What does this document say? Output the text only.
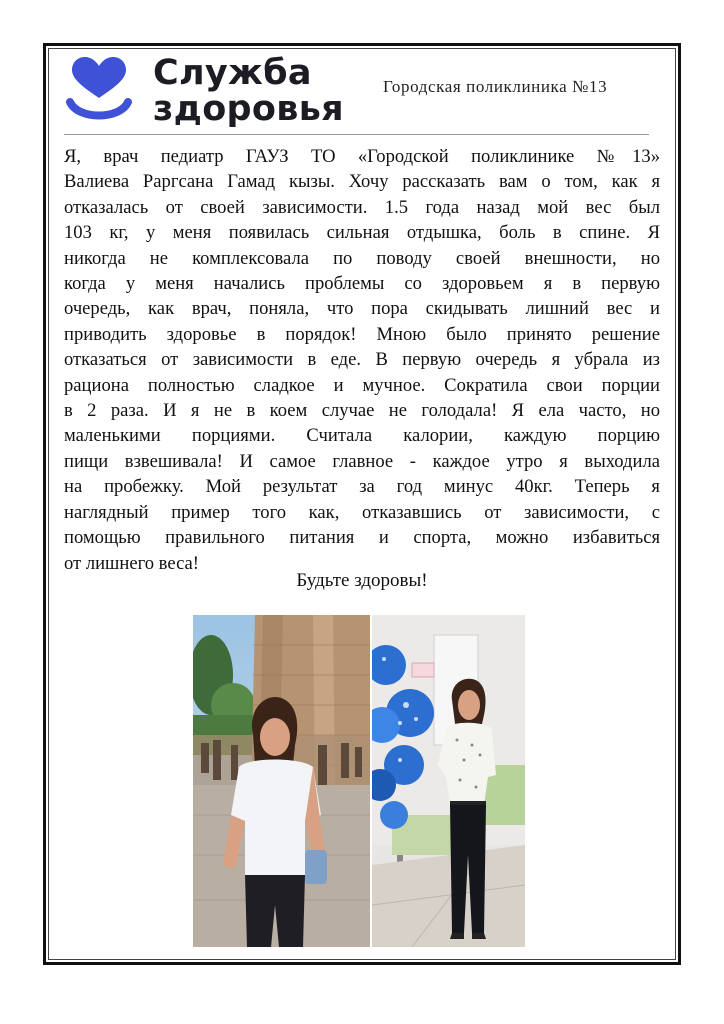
Служба
здоровья
Городская поликлиника №13
Я, врач педиатр ГАУЗ ТО «Городской поликлинике №13»
Валиева Раргсана Гамад кызы. Хочу рассказать вам о том, как я
отказалась от своей зависимости. 1.5 года назад мой вес был
103 кг, у меня появилась сильная отдышка, боль в спине. Я
никогда не комплексовала по поводу своей внешности, но
когда у меня начались проблемы со здоровьем я в первую
очередь, как врач, поняла, что пора скидывать лишний вес и
приводить здоровье в порядок! Мною было принято решение
отказаться от зависимости в еде. В первую очередь я убрала из
рациона полностью сладкое и мучное. Сократила свои порции
в 2 раза. И я не в коем случае не голодала! Я ела часто, но
маленькими порциями. Считала калории, каждую порцию
пищи взвешивала! И самое главное - каждое утро я выходила
на пробежку. Мой результат за год минус 40кг. Теперь я
наглядный пример того как, отказавшись от зависимости, с
помощью правильного питания и спорта, можно избавиться
от лишнего веса!
Будьте здоровы!
